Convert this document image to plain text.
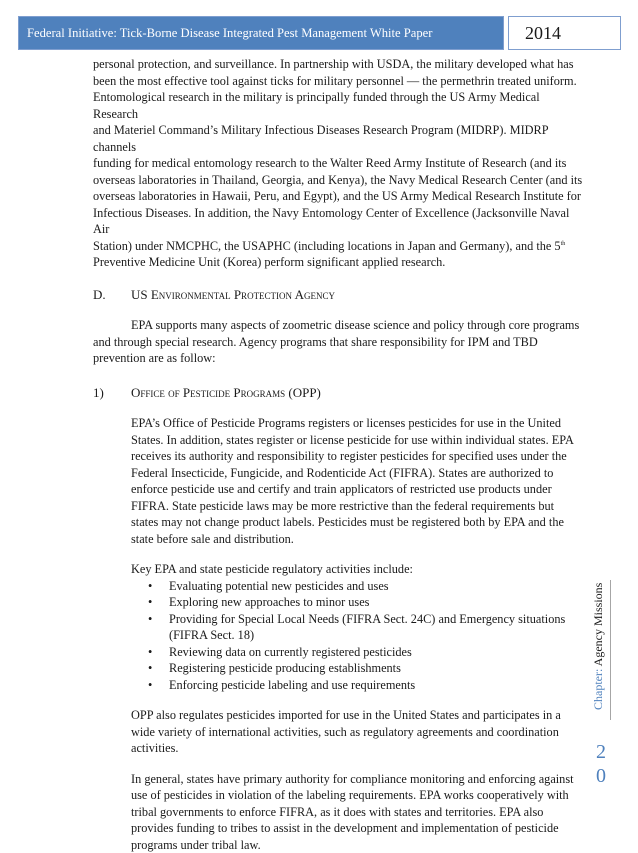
Federal Initiative: Tick-Borne Disease Integrated Pest Management White Paper	2014
personal protection, and surveillance. In partnership with USDA, the military developed what has
been the most effective tool against ticks for military personnel — the permethrin treated uniform.
Entomological research in the military is principally funded through the US Army Medical Research
and Materiel Command’s Military Infectious Diseases Research Program (MIDRP). MIDRP channels
funding for medical entomology research to the Walter Reed Army Institute of Research (and its
overseas laboratories in Thailand, Georgia, and Kenya), the Navy Medical Research Center (and its
overseas laboratories in Hawaii, Peru, and Egypt), and the US Army Medical Research Institute for
Infectious Diseases. In addition, the Navy Entomology Center of Excellence (Jacksonville Naval Air
Station) under NMCPHC, the USAPHC (including locations in Japan and Germany), and the 5th
Preventive Medicine Unit (Korea) perform significant applied research.
D.	US Environmental Protection Agency

EPA supports many aspects of zoometric disease science and policy through core programs and through special research. Agency programs that share responsibility for IPM and TBD prevention are as follow:

1)	Office of Pesticide Programs (OPP)

EPA’s Office of Pesticide Programs registers or licenses pesticides for use in the United States. In addition, states register or license pesticide for use within individual states. EPA receives its authority and responsibility to register pesticides for specified uses under the Federal Insecticide, Fungicide, and Rodenticide Act (FIFRA). States are authorized to enforce pesticide use and certify and train applicators of restricted use products under FIFRA. State pesticide laws may be more restrictive than the federal requirements but states may not change product labels. Pesticides must be registered both by EPA and the state before sale and distribution.

Key EPA and state pesticide regulatory activities include:

• Evaluating potential new pesticides and uses
• Exploring new approaches to minor uses
• Providing for Special Local Needs (FIFRA Sect. 24C) and Emergency situations (FIFRA Sect. 18)
• Reviewing data on currently registered pesticides
• Registering pesticide producing establishments
• Enforcing pesticide labeling and use requirements

OPP also regulates pesticides imported for use in the United States and participates in a wide variety of international activities, such as regulatory agreements and coordination activities.

In general, states have primary authority for compliance monitoring and enforcing against use of pesticides in violation of the labeling requirements. EPA works cooperatively with tribal governments to enforce FIFRA, as it does with states and territories. EPA also provides funding to tribes to assist in the development and implementation of pesticide programs under tribal law.

Chapter: Agency Missions
2
0
